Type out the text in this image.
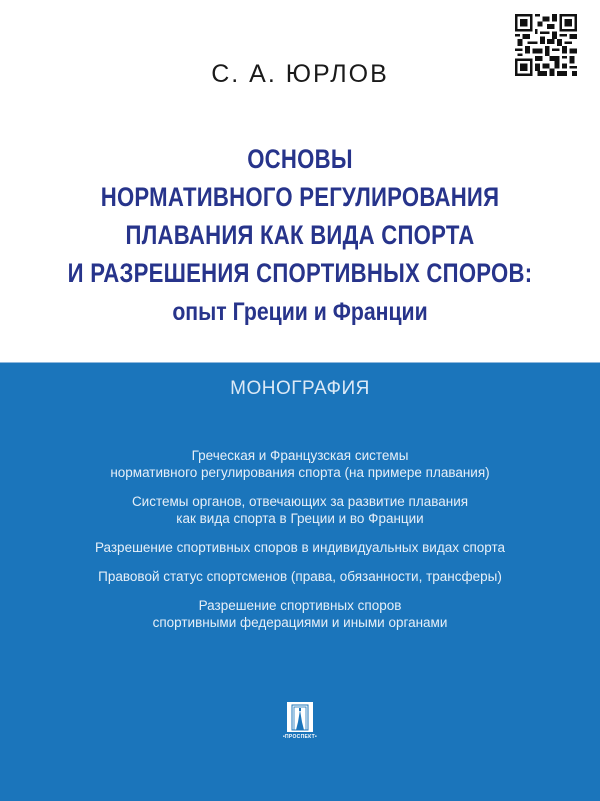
С. А. ЮРЛОВ
ОСНОВЫ
НОРМАТИВНОГО РЕГУЛИРОВАНИЯ
ПЛАВАНИЯ КАК ВИДА СПОРТА
И РАЗРЕШЕНИЯ СПОРТИВНЫХ СПОРОВ:
опыт Греции и Франции
МОНОГРАФИЯ
Греческая и Французская системы
нормативного регулирования спорта (на примере плавания)
Системы органов, отвечающих за развитие плавания
как вида спорта в Греции и во Франции
Разрешение спортивных споров в индивидуальных видах спорта
Правовой статус спортсменов (права, обязанности, трансферы)
Разрешение спортивных споров
спортивными федерациями и иными органами
•ПРОСПЕКТ•
